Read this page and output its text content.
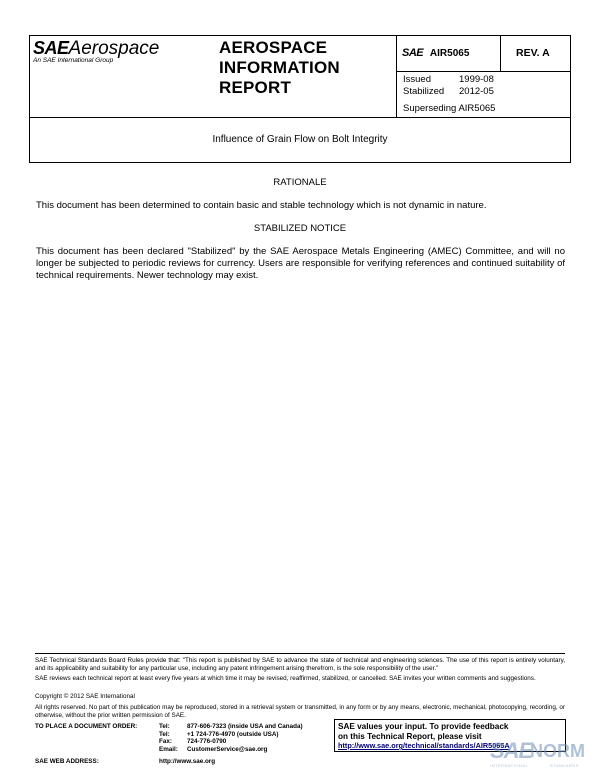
SAEAerospace
An SAE International Group
AEROSPACE
INFORMATION
REPORT
SAE AIR5065	REV. A
Issued	1999-08
Stabilized 2012-05
Superseding AIR5065
Influence of Grain Flow on Bolt Integrity
RATIONALE
This document has been determined to contain basic and stable technology which is not dynamic in nature.
STABILIZED NOTICE
This document has been declared "Stabilized" by the SAE Aerospace Metals Engineering (AMEC) Committee, and will no longer be subjected to periodic reviews for currency. Users are responsible for verifying references and continued suitability of technical requirements. Newer technology may exist.
SAE Technical Standards Board Rules provide that: "This report is published by SAE to advance the state of technical and engineering sciences. The use of this report is entirely voluntary, and its applicability and suitability for any particular use, including any patent infringement arising therefrom, is the sole responsibility of the user."
SAE reviews each technical report at least every five years at which time it may be revised, reaffirmed, stabilized, or cancelled. SAE invites your written comments and suggestions.
Copyright © 2012 SAE International
All rights reserved. No part of this publication may be reproduced, stored in a retrieval system or transmitted, in any form or by any means, electronic, mechanical, photocopying, recording, or otherwise, without the prior written permission of SAE.
TO PLACE A DOCUMENT ORDER:	Tel:	877-606-7323 (inside USA and Canada)
Tel:	+1 724-776-4970 (outside USA)
Fax: 724-776-0790
Email: CustomerService@sae.org
SAE WEB ADDRESS:	http://www.sae.org
SAE values your input. To provide feedback
on this Technical Report, please visit
http://www.sae.org/technical/standards/AIR5065A
SAE
NORM
INTERNATIONAL	STANDARDS
